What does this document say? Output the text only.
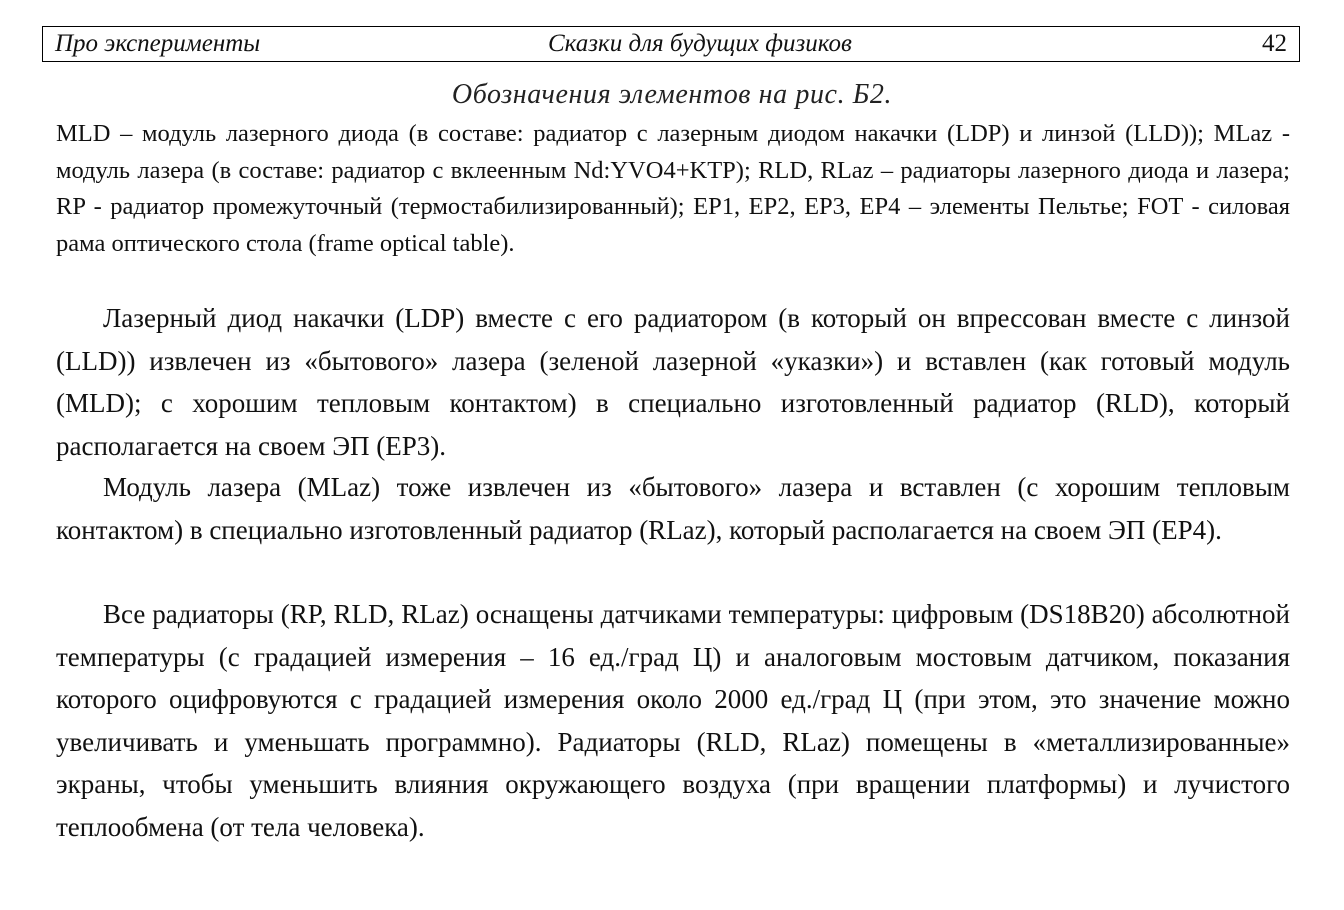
Про эксперименты	Сказки для будущих физиков	42
Обозначения элементов на рис. Б2.

MLD – модуль лазерного диода (в составе: радиатор с лазерным диодом накачки (LDP) и линзой (LLD)); MLaz - модуль лазера (в составе: радиатор с вклеенным Nd:YVO4+KTP); RLD, RLaz – радиаторы лазерного диода и лазера; RP - радиатор промежуточный (термостабилизированный); EP1, EP2, EP3, EP4 – элементы Пельтье; FOT - силовая рама оптического стола (frame optical table).

Лазерный диод накачки (LDP) вместе с его радиатором (в который он впрессован вместе с линзой (LLD)) извлечен из «бытового» лазера (зеленой лазерной «указки») и вставлен (как готовый модуль (MLD); с хорошим тепловым контактом) в специально изготовленный радиатор (RLD), который располагается на своем ЭП (EP3).

Модуль лазера (MLaz) тоже извлечен из «бытового» лазера и вставлен (с хорошим тепловым контактом) в специально изготовленный радиатор (RLaz), который располагается на своем ЭП (EP4).

Все радиаторы (RP, RLD, RLaz) оснащены датчиками температуры: цифровым (DS18B20) абсолютной температуры (с градацией измерения – 16 ед./град Ц) и аналоговым мостовым датчиком, показания которого оцифровуются с градацией измерения около 2000 ед./град Ц (при этом, это значение можно увеличивать и уменьшать программно). Радиаторы (RLD, RLaz) помещены в «металлизированные» экраны, чтобы уменьшить влияния окружающего воздуха (при вращении платформы) и лучистого теплообмена (от тела человека).
